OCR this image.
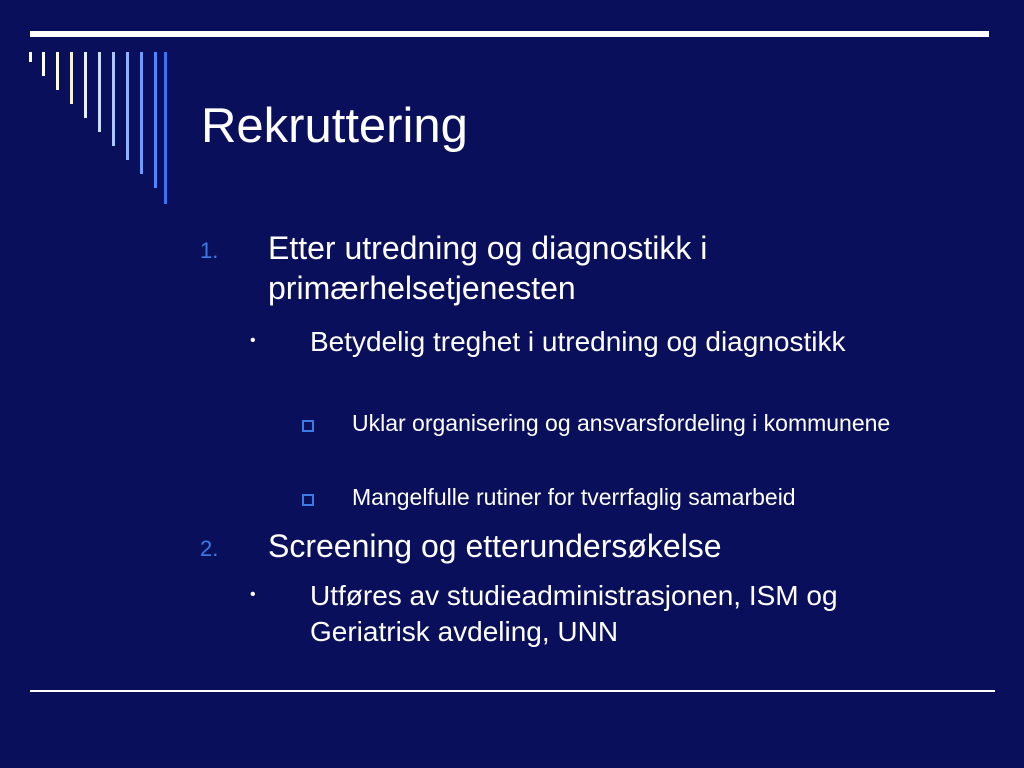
Rekruttering
1. Etter utredning og diagnostikk i primærhelsetjenesten
• Betydelig treghet i utredning og diagnostikk
Uklar organisering og ansvarsfordeling i kommunene
Mangelfulle rutiner for tverrfaglig samarbeid
2. Screening og etterundersøkelse
• Utføres av studieadministrasjonen, ISM og Geriatrisk avdeling, UNN
